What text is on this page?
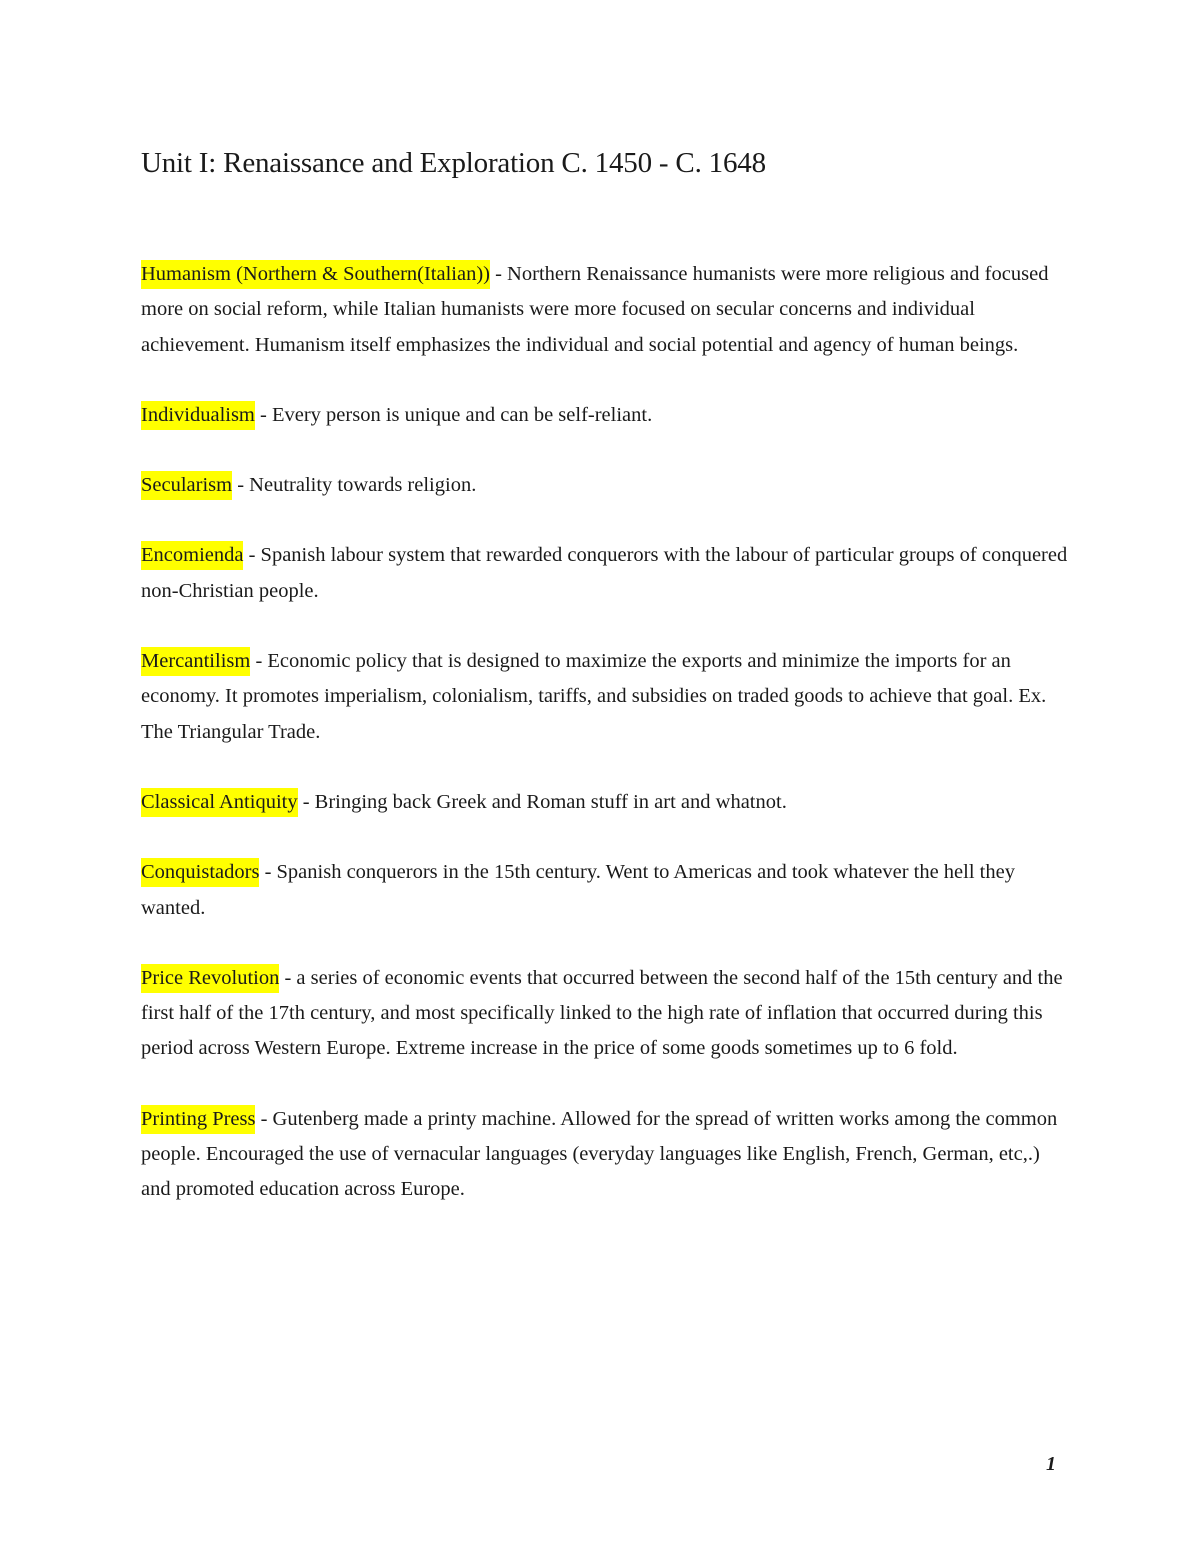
Unit I: Renaissance and Exploration C. 1450 - C. 1648

Humanism (Northern & Southern(Italian)) - Northern Renaissance humanists were more religious and focused more on social reform, while Italian humanists were more focused on secular concerns and individual achievement. Humanism itself emphasizes the individual and social potential and agency of human beings.

Individualism - Every person is unique and can be self-reliant.

Secularism - Neutrality towards religion.

Encomienda - Spanish labour system that rewarded conquerors with the labour of particular groups of conquered non-Christian people.

Mercantilism - Economic policy that is designed to maximize the exports and minimize the imports for an economy. It promotes imperialism, colonialism, tariffs, and subsidies on traded goods to achieve that goal. Ex. The Triangular Trade.

Classical Antiquity - Bringing back Greek and Roman stuff in art and whatnot.

Conquistadors - Spanish conquerors in the 15th century. Went to Americas and took whatever the hell they wanted.

Price Revolution - a series of economic events that occurred between the second half of the 15th century and the first half of the 17th century, and most specifically linked to the high rate of inflation that occurred during this period across Western Europe. Extreme increase in the price of some goods sometimes up to 6 fold.

Printing Press - Gutenberg made a printy machine. Allowed for the spread of written works among the common people. Encouraged the use of vernacular languages (everyday languages like English, French, German, etc,.) and promoted education across Europe.

1
